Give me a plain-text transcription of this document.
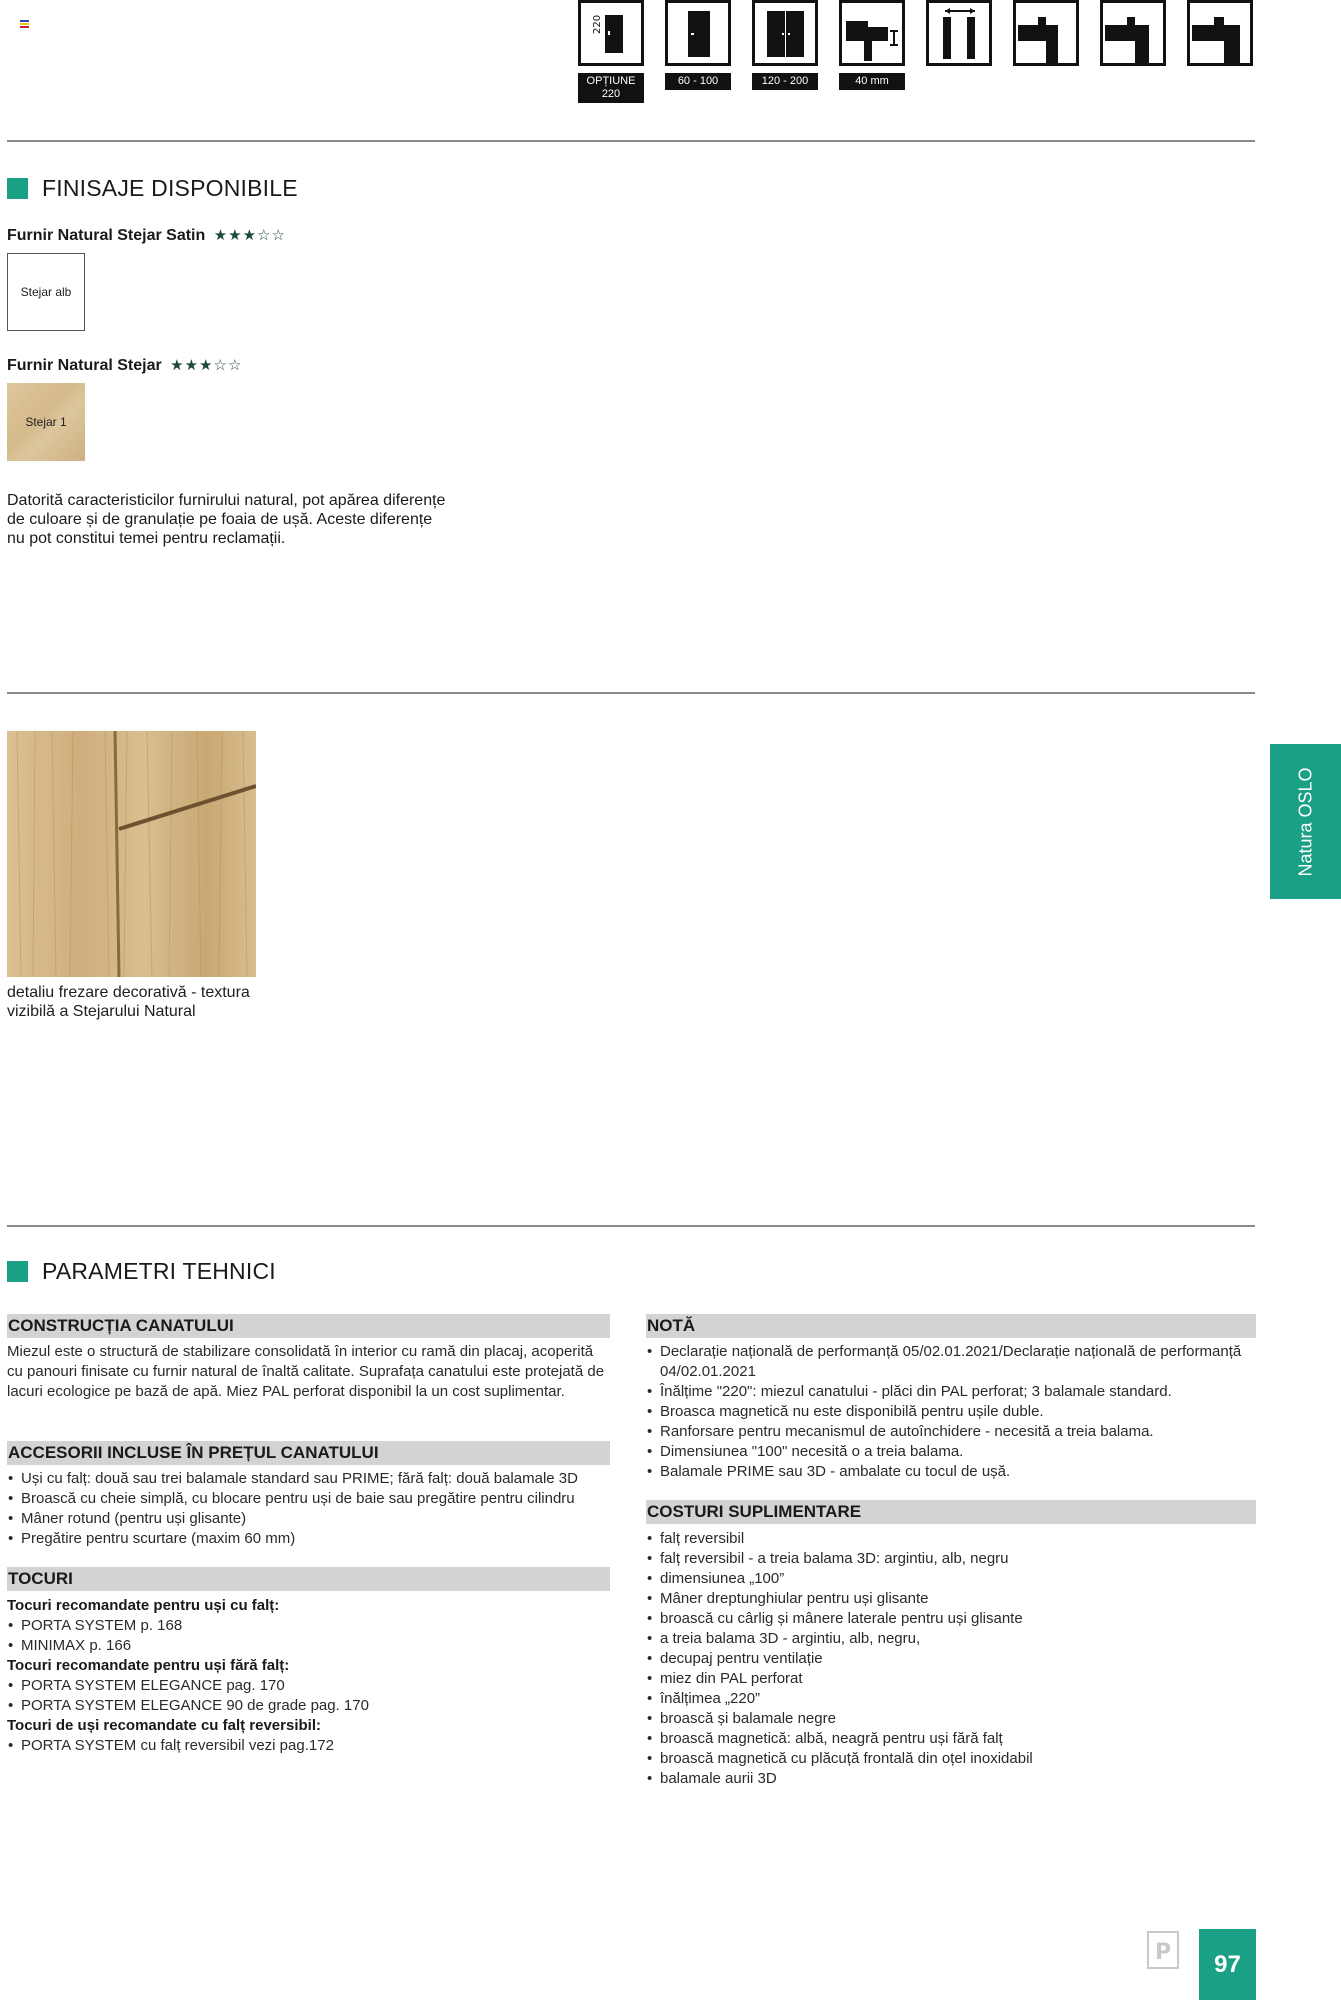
220
OPȚIUNE 220
60 - 100	120 - 200	40 mm
FINISAJE DISPONIBILE
Furnir Natural Stejar Satin ★★★☆☆
Stejar alb
Furnir Natural Stejar ★★★☆☆
Stejar 1
Datorită caracteristicilor furnirului natural, pot apărea diferențe de culoare și de granulație pe foaia de ușă. Aceste diferențe nu pot constitui temei pentru reclamații.
detaliu frezare decorativă - textura vizibilă a Stejarului Natural
Natura OSLO
PARAMETRI TEHNICI
CONSTRUCȚIA CANATULUI
Miezul este o structură de stabilizare consolidată în interior cu ramă din placaj, acoperită cu panouri finisate cu furnir natural de înaltă calitate. Suprafața canatului este protejată de lacuri ecologice pe bază de apă. Miez PAL perforat disponibil la un cost suplimentar.
ACCESORII INCLUSE ÎN PREȚUL CANATULUI
• Uși cu falț: două sau trei balamale standard sau PRIME; fără falț: două balamale 3D
• Broască cu cheie simplă, cu blocare pentru uși de baie sau pregătire pentru cilindru
• Mâner rotund (pentru uși glisante)
• Pregătire pentru scurtare (maxim 60 mm)
TOCURI
Tocuri recomandate pentru uși cu falț:
• PORTA SYSTEM p. 168
• MINIMAX p. 166
Tocuri recomandate pentru uși fără falț:
• PORTA SYSTEM ELEGANCE pag. 170
• PORTA SYSTEM ELEGANCE 90 de grade pag. 170
Tocuri de uși recomandate cu falț reversibil:
• PORTA SYSTEM cu falț reversibil vezi pag.172
NOTĂ
• Declarație națională de performanță 05/02.01.2021/Declarație națională de performanță 04/02.01.2021
• Înălțime "220": miezul canatului - plăci din PAL perforat; 3 balamale standard.
• Broasca magnetică nu este disponibilă pentru ușile duble.
• Ranforsare pentru mecanismul de autoînchidere - necesită a treia balama.
• Dimensiunea "100" necesită o a treia balama.
• Balamale PRIME sau 3D - ambalate cu tocul de ușă.
COSTURI SUPLIMENTARE
• falț reversibil
• falț reversibil - a treia balama 3D: argintiu, alb, negru
• dimensiunea „100”
• Mâner dreptunghiular pentru uși glisante
• broască cu cârlig și mânere laterale pentru uși glisante
• a treia balama 3D - argintiu, alb, negru,
• decupaj pentru ventilație
• miez din PAL perforat
• înălțimea „220”
• broască și balamale negre
• broască magnetică: albă, neagră pentru uși fără falț
• broască magnetică cu plăcuță frontală din oțel inoxidabil
• balamale aurii 3D
P	97
